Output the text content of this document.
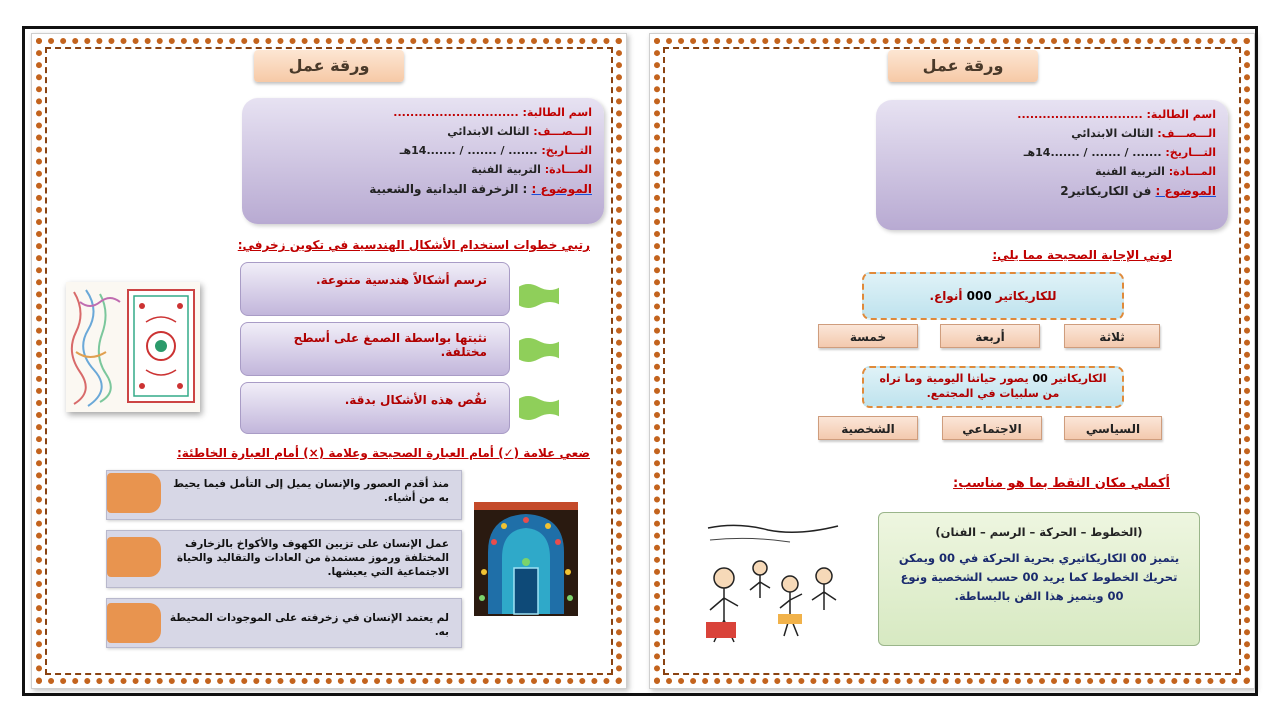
ورقة عمل
اسم الطالبة: ..............................
الـــصـــف: الثالث الابتدائي
التـــاريخ: ....... / ....... / .......14هـ
المـــادة: التربية الفنية
الموضوع : : الزخرفة اليدانية والشعبية
رتبي خطوات استخدام الأشكال الهندسية في تكوين زخرفي:
ترسم أشكالاً هندسية متنوعة.
نثبتها بواسطة الصمغ على أسطح مختلفة.
نقُص هذه الأشكال بدقة.
ضعي علامة (✓) أمام العبارة الصحيحة وعلامة (×) أمام العبارة الخاطئة:
منذ أقدم العصور والإنسان يميل إلى التأمل فيما يحيط به من أشياء.
عمل الإنسان على تزيين الكهوف والأكواخ بالزخارف المختلفة ورموز مستمدة من العادات والتقاليد والحياة الاجتماعية التي يعيشها.
لم يعتمد الإنسان في زخرفته على الموجودات المحيطة به.
ورقة عمل
اسم الطالبة: ..............................
الـــصـــف: الثالث الابتدائي
التـــاريخ: ....... / ....... / .......14هـ
المـــادة: التربية الفنية
الموضوع : فن الكاريكاتير2
لوني الإجابة الصحيحة مما يلي:
للكاريكاتير 000 أنواع.
ثلاثة
أربعة
خمسة
الكاريكاتير 00 يصور حياتنا اليومية وما تراه من سلبيات في المجتمع.
السياسي
الاجتماعي
الشخصية
أكملي مكان النقط بما هو مناسب:
(الخطوط – الحركة – الرسم – الفنان)
يتميز 00 الكاريكاتيري بحرية الحركة في 00 ويمكن تحريك الخطوط كما يريد 00 حسب الشخصية ونوع 00 ويتميز هذا الفن بالبساطة.
